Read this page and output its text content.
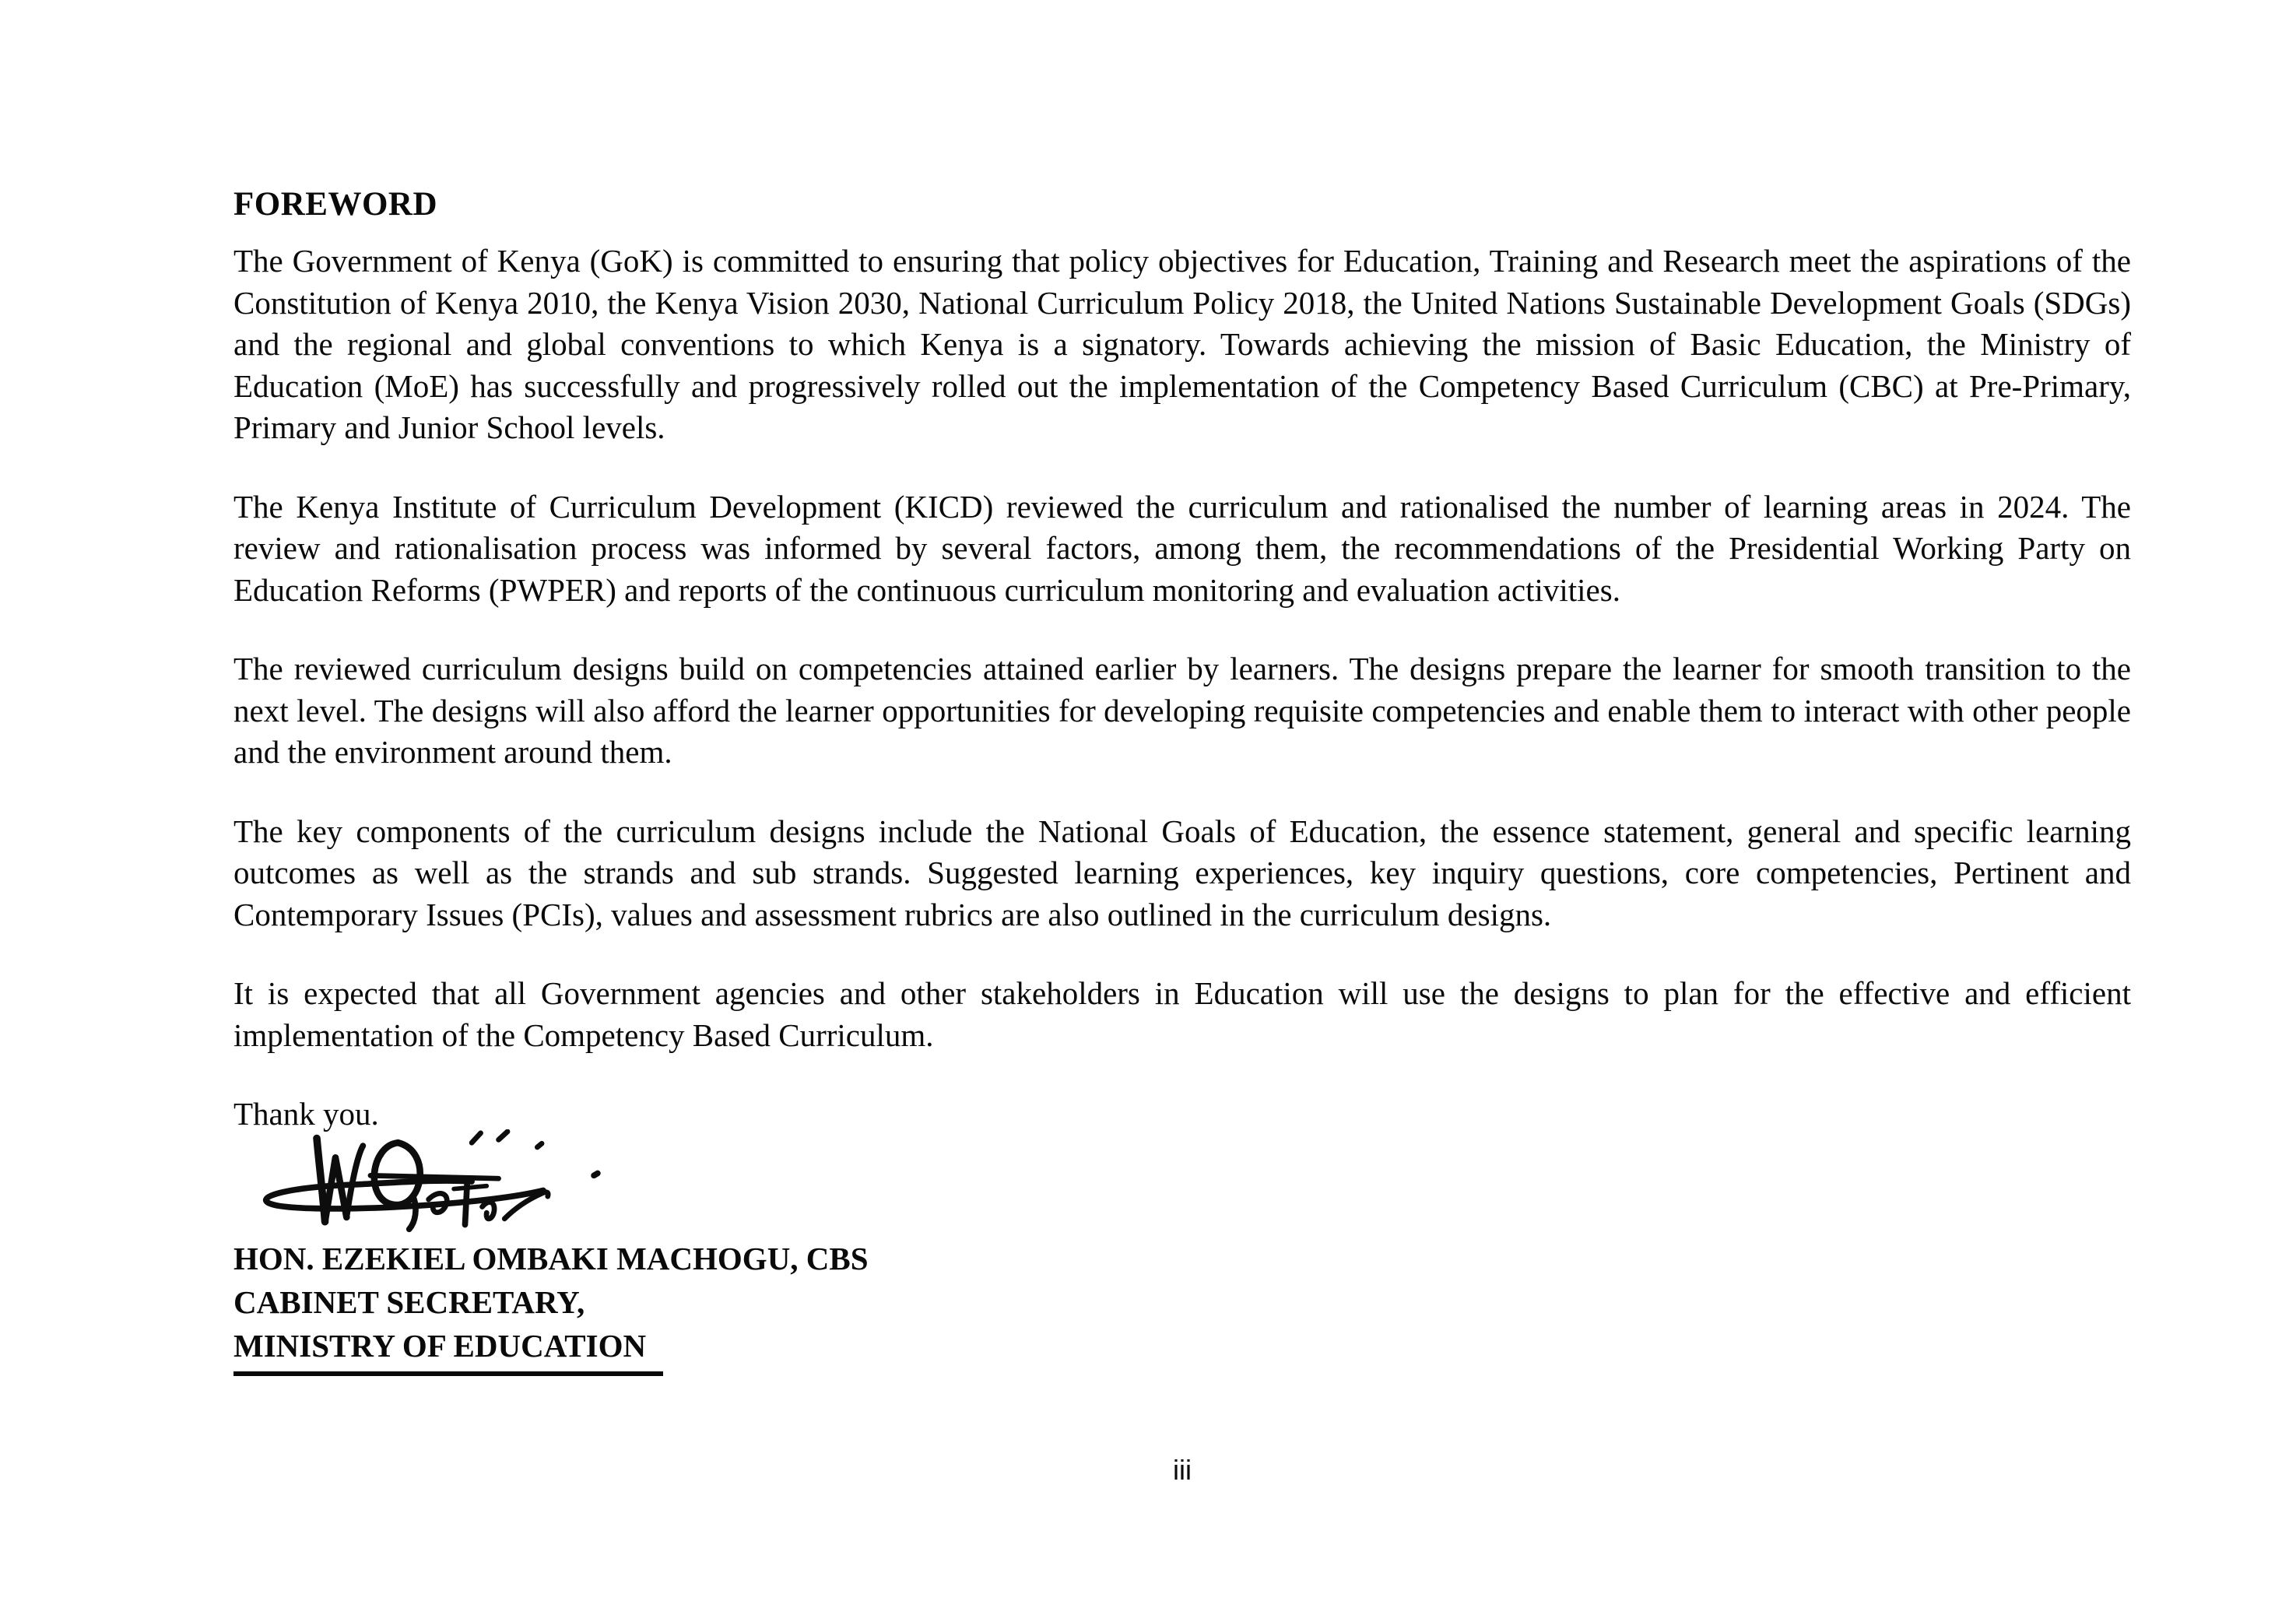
FOREWORD

The Government of Kenya (GoK) is committed to ensuring that policy objectives for Education, Training and Research meet the aspirations of the Constitution of Kenya 2010, the Kenya Vision 2030, National Curriculum Policy 2018, the United Nations Sustainable Development Goals (SDGs) and the regional and global conventions to which Kenya is a signatory. Towards achieving the mission of Basic Education, the Ministry of Education (MoE) has successfully and progressively rolled out the implementation of the Competency Based Curriculum (CBC) at Pre-Primary, Primary and Junior School levels.

The Kenya Institute of Curriculum Development (KICD) reviewed the curriculum and rationalised the number of learning areas in 2024. The review and rationalisation process was informed by several factors, among them, the recommendations of the Presidential Working Party on Education Reforms (PWPER) and reports of the continuous curriculum monitoring and evaluation activities.

The reviewed curriculum designs build on competencies attained earlier by learners. The designs prepare the learner for smooth transition to the next level. The designs will also afford the learner opportunities for developing requisite competencies and enable them to interact with other people and the environment around them.

The key components of the curriculum designs include the National Goals of Education, the essence statement, general and specific learning outcomes as well as the strands and sub strands. Suggested learning experiences, key inquiry questions, core competencies, Pertinent and Contemporary Issues (PCIs), values and assessment rubrics are also outlined in the curriculum designs.

It is expected that all Government agencies and other stakeholders in Education will use the designs to plan for the effective and efficient implementation of the Competency Based Curriculum.

Thank you.

HON. EZEKIEL OMBAKI MACHOGU, CBS
CABINET SECRETARY,
MINISTRY OF EDUCATION
iii
